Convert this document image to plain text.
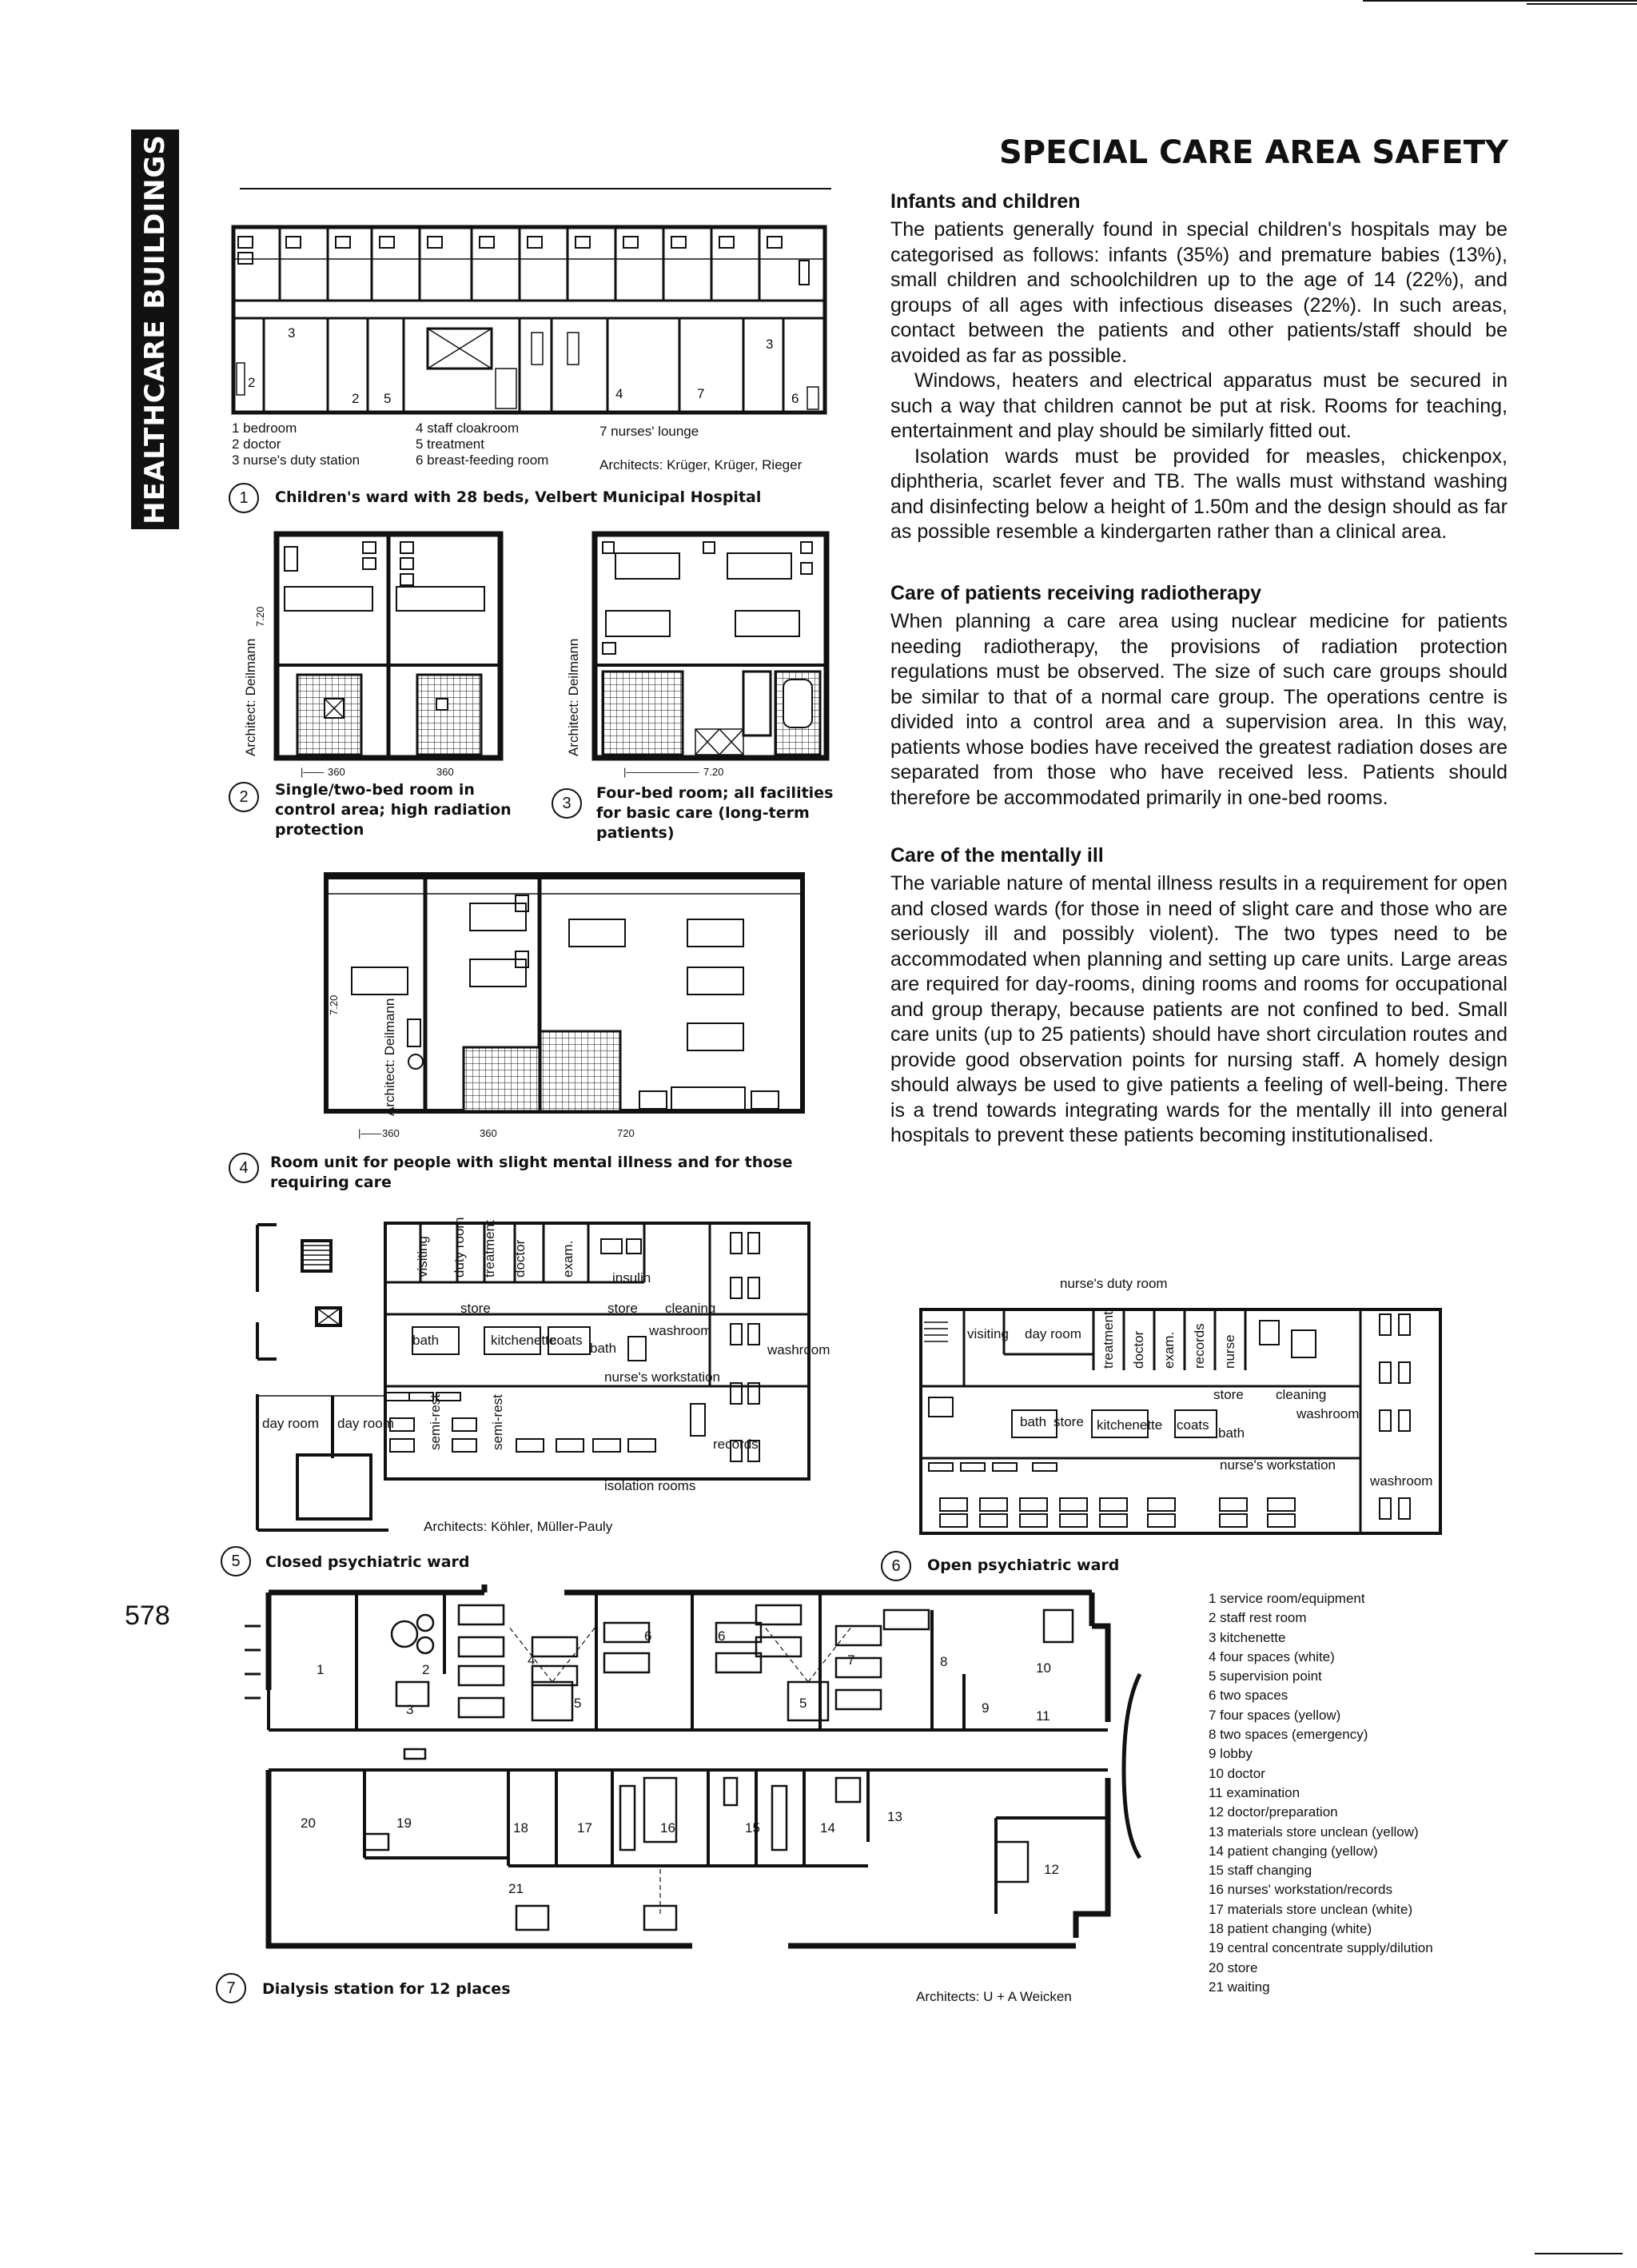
HEALTHCARE BUILDINGS
578
SPECIAL CARE AREA SAFETY
Infants and children

The patients generally found in special children's hospitals may be categorised as follows: infants (35%) and premature babies (13%), small children and schoolchildren up to the age of 14 (22%), and groups of all ages with infectious diseases (22%). In such areas, contact between the patients and other patients/staff should be avoided as far as possible.

Windows, heaters and electrical apparatus must be secured in such a way that children cannot be put at risk. Rooms for teaching, entertainment and play should be similarly fitted out.

Isolation wards must be provided for measles, chickenpox, diphtheria, scarlet fever and TB. The walls must withstand washing and disinfecting below a height of 1.50m and the design should as far as possible resemble a kindergarten rather than a clinical area.

Care of patients receiving radiotherapy

When planning a care area using nuclear medicine for patients needing radiotherapy, the provisions of radiation protection regulations must be observed. The size of such care groups should be similar to that of a normal care group. The operations centre is divided into a control area and a supervision area. In this way, patients whose bodies have received the greatest radiation doses are separated from those who have received less. Patients should therefore be accommodated primarily in one-bed rooms.

Care of the mentally ill

The variable nature of mental illness results in a requirement for open and closed wards (for those in need of slight care and those who are seriously ill and possibly violent). The two types need to be accommodated when planning and setting up care units. Large areas are required for day-rooms, dining rooms and rooms for occupational and group therapy, because patients are not confined to bed. Small care units (up to 25 patients) should have short circulation routes and provide good observation points for nursing staff. A homely design should always be used to give patients a feeling of well-being. There is a trend towards integrating wards for the mentally ill into general hospitals to prevent these patients becoming institutionalised.

3
2
2 5	4	7
3
6
1 bedroom
2 doctor
3 nurse's duty station
4 staff cloakroom
5 treatment
6 breast-feeding room
7 nurses' lounge
Architects: Krüger, Krüger, Rieger
1	Children's ward with 28 beds, Velbert Municipal Hospital
Architect: Deilmann
|—— 360	360
7.20
2	Single/two-bed room in control area; high radiation protection
Architect: Deilmann
|——————— 7.20
3
Four-bed room; all facilities for basic care (long-term patients)
Architect: Deilmann
|—— 360	360	720
7.20
4	Room unit for people with slight mental illness and for those requiring care
visiting duty room treatment doctor exam.
insulin
store	store cleaning
bath	kitchenette
coats
bath
washroom
washroom
nurse's workstation
day room day room semi-rest	semi-rest	records
isolation rooms
Architects: Köhler, Müller-Pauly
5	Closed psychiatric ward
nurse's duty room
visiting day room treatment doctor exam. records nurse
store cleaning
bath store kitchenette coats
bath
washroom
washroom
nurse's workstation
6	Open psychiatric ward
1	2
3
4
5
6	6
7
5
8
9
10
11
20	19	18	17	16	15	14
13
12
21
1 service room/equipment
2 staff rest room
3 kitchenette
4 four spaces (white)
5 supervision point
6 two spaces
7 four spaces (yellow)
8 two spaces (emergency)
9 lobby
10 doctor
11 examination
12 doctor/preparation
13 materials store unclean (yellow)
14 patient changing (yellow)
15 staff changing
16 nurses' workstation/records
17 materials store unclean (white)
18 patient changing (white)
19 central concentrate supply/dilution
20 store
21 waiting
7	Dialysis station for 12 places	Architects: U + A Weicken
